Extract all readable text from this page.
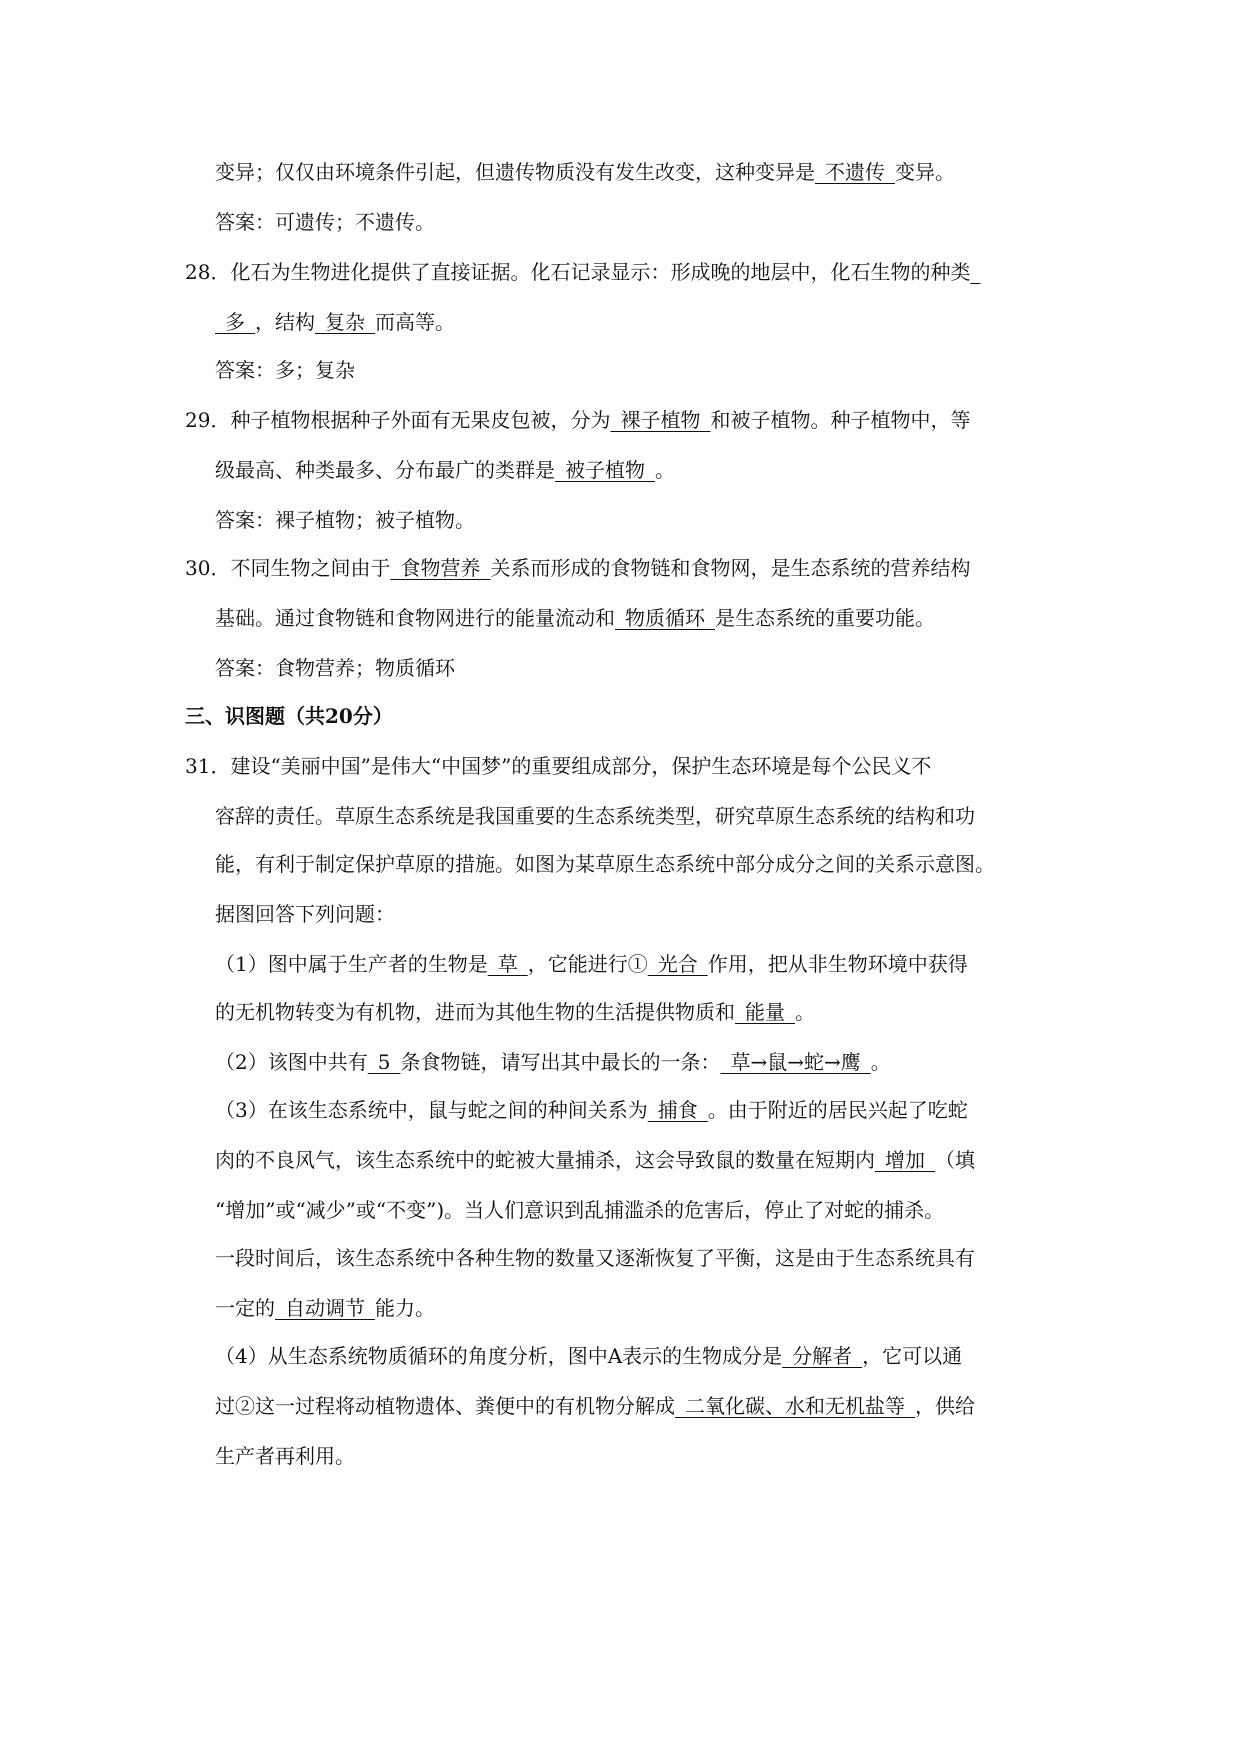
变异；仅仅由环境条件引起，但遗传物质没有发生改变，这种变异是 不遗传 变异。
答案：可遗传；不遗传。
28．化石为生物进化提供了直接证据。化石记录显示：形成晚的地层中，化石生物的种类 
 多 ，结构 复杂 而高等。
答案：多；复杂
29．种子植物根据种子外面有无果皮包被，分为 裸子植物 和被子植物。种子植物中，等
级最高、种类最多、分布最广的类群是 被子植物 。
答案：裸子植物；被子植物。
30．不同生物之间由于 食物营养 关系而形成的食物链和食物网，是生态系统的营养结构
基础。通过食物链和食物网进行的能量流动和 物质循环 是生态系统的重要功能。
答案：食物营养；物质循环
三、识图题（共20分）
31．建设“美丽中国”是伟大“中国梦”的重要组成部分，保护生态环境是每个公民义不
容辞的责任。草原生态系统是我国重要的生态系统类型，研究草原生态系统的结构和功
能，有利于制定保护草原的措施。如图为某草原生态系统中部分成分之间的关系示意图。
据图回答下列问题：
（1）图中属于生产者的生物是 草 ，它能进行① 光合 作用，把从非生物环境中获得
的无机物转变为有机物，进而为其他生物的生活提供物质和 能量 。
（2）该图中共有 5 条食物链，请写出其中最长的一条： 草→鼠→蛇→鹰 。
（3）在该生态系统中，鼠与蛇之间的种间关系为 捕食 。由于附近的居民兴起了吃蛇
肉的不良风气，该生态系统中的蛇被大量捕杀，这会导致鼠的数量在短期内 增加 （填
“增加”或“减少”或“不变”)。当人们意识到乱捕滥杀的危害后，停止了对蛇的捕杀。
一段时间后，该生态系统中各种生物的数量又逐渐恢复了平衡，这是由于生态系统具有
一定的 自动调节 能力。
（4）从生态系统物质循环的角度分析，图中A表示的生物成分是 分解者 ，它可以通
过②这一过程将动植物遗体、粪便中的有机物分解成 二氧化碳、水和无机盐等 ，供给
生产者再利用。
